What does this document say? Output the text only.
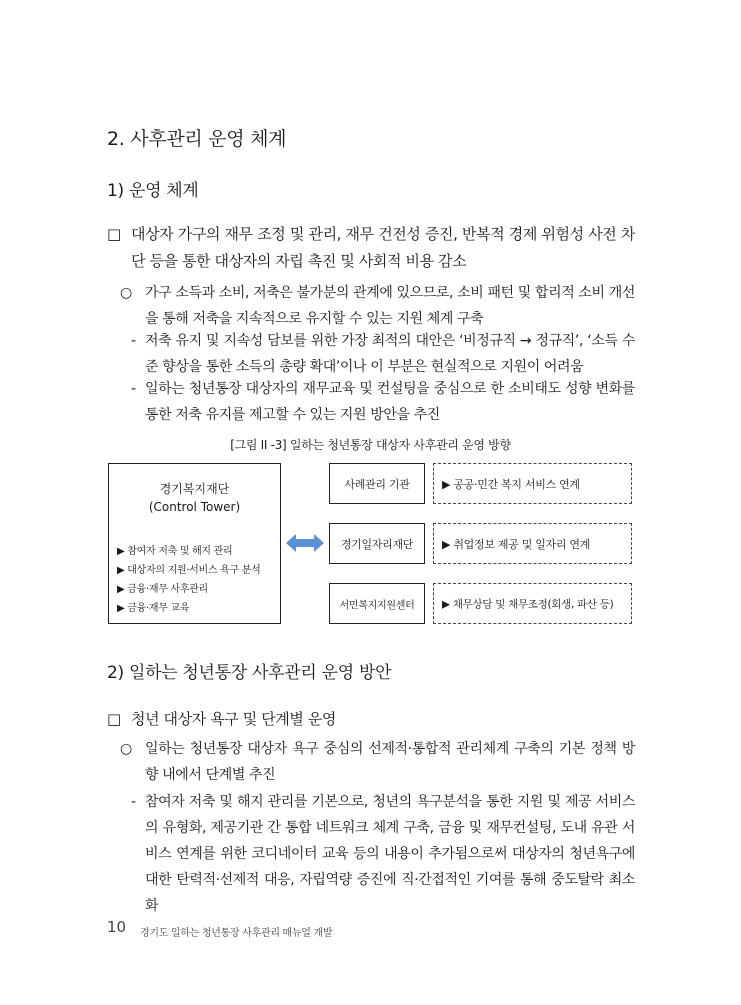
2. 사후관리 운영 체계
1) 운영 체계
□ 대상자 가구의 재무 조정 및 관리, 재무 건전성 증진, 반복적 경제 위험성 사전 차단 등을 통한 대상자의 자립 촉진 및 사회적 비용 감소
○ 가구 소득과 소비, 저축은 불가분의 관계에 있으므로, 소비 패턴 및 합리적 소비 개선을 통해 저축을 지속적으로 유지할 수 있는 지원 체계 구축
- 저축 유지 및 지속성 담보를 위한 가장 최적의 대안은 ‘비정규직 → 정규직’, ‘소득 수준 향상을 통한 소득의 총량 확대’이나 이 부분은 현실적으로 지원이 어려움
- 일하는 청년통장 대상자의 재무교육 및 컨설팅을 중심으로 한 소비태도 성향 변화를 통한 저축 유지를 제고할 수 있는 지원 방안을 추진
[그림 II -3] 일하는 청년통장 대상자 사후관리 운영 방향
경기복지재단
(Control Tower)
▶ 참여자 저축 및 해지 관리
▶ 대상자의 지원·서비스 욕구 분석
▶ 금융·재무 사후관리
▶ 금융·재무 교육
사례관리 기관
경기일자리재단
서민복지지원센터
▶ 공공·민간 복지 서비스 연계
▶ 취업정보 제공 및 일자리 연계
▶ 채무상담 및 채무조정(회생, 파산 등)
2) 일하는 청년통장 사후관리 운영 방안
□ 청년 대상자 욕구 및 단계별 운영
○ 일하는 청년통장 대상자 욕구 중심의 선제적·통합적 관리체계 구축의 기본 정책 방향 내에서 단계별 추진
- 참여자 저축 및 해지 관리를 기본으로, 청년의 욕구분석을 통한 지원 및 제공 서비스의 유형화, 제공기관 간 통합 네트워크 체계 구축, 금융 및 재무컨설팅, 도내 유관 서비스 연계를 위한 코디네이터 교육 등의 내용이 추가됨으로써 대상자의 청년욕구에 대한 탄력적·선제적 대응, 자립역량 증진에 직·간접적인 기여를 통해 중도탈락 최소화
10 경기도 일하는 청년통장 사후관리 매뉴얼 개발
